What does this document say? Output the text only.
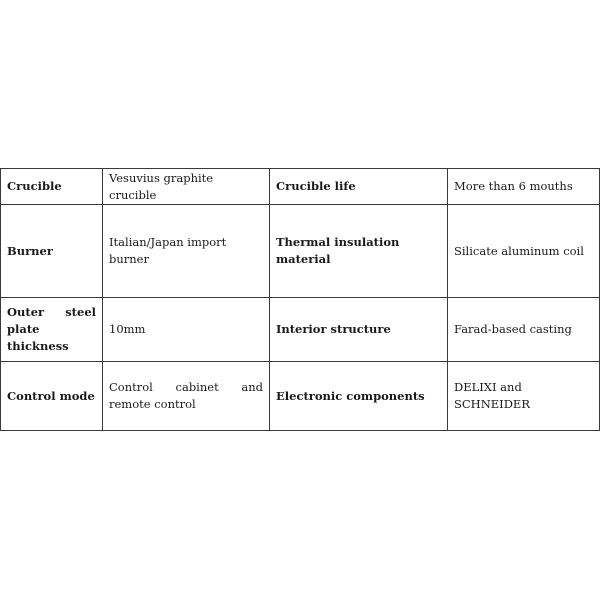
Crucible	Vesuvius graphite crucible	Crucible life	More than 6 mouths
Burner	Italian/Japan import burner	Thermal insulation material	Silicate aluminum coil
Outer steel plate thickness	10mm	Interior structure	Farad-based casting
Control mode	Control cabinet and remote control	Electronic components	DELIXI and SCHNEIDER
